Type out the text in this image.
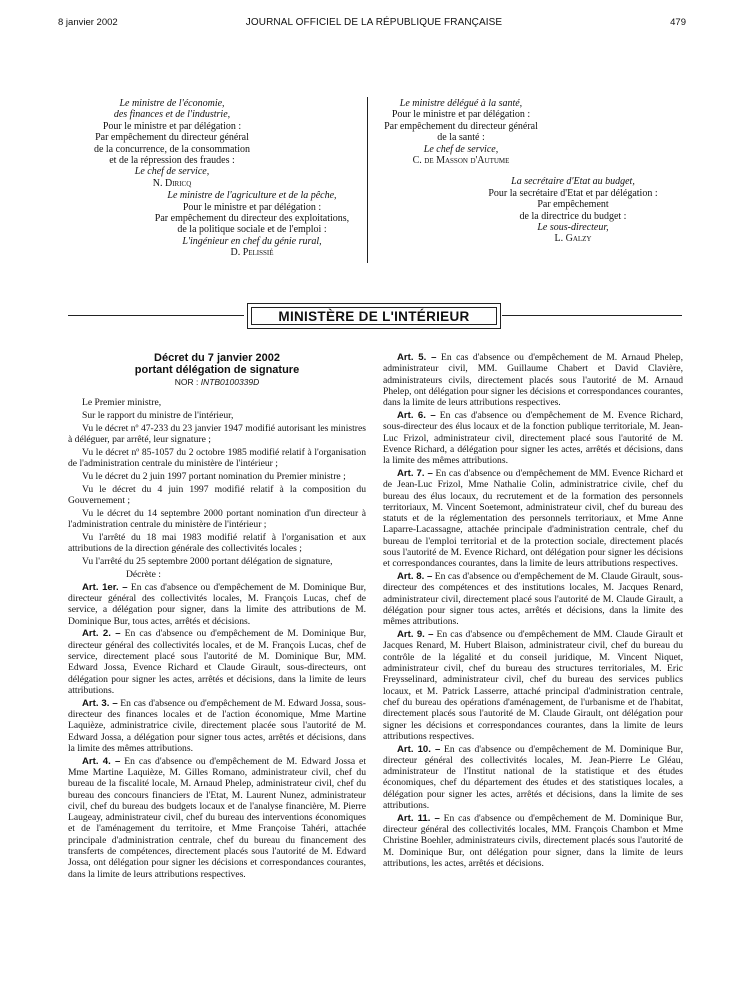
8 janvier 2002	JOURNAL OFFICIEL DE LA RÉPUBLIQUE FRANÇAISE	479
Le ministre de l'économie,
des finances et de l'industrie,
Pour le ministre et par délégation :
Par empêchement du directeur général
de la concurrence, de la consommation
et de la répression des fraudes :
Le chef de service,
N. Diricq
Le ministre de l'agriculture et de la pêche,
Pour le ministre et par délégation :
Par empêchement du directeur des exploitations,
de la politique sociale et de l'emploi :
L'ingénieur en chef du génie rural,
D. Pelissié
Le ministre délégué à la santé,
Pour le ministre et par délégation :
Par empêchement du directeur général
de la santé :
Le chef de service,
C. de Masson d'Autume
La secrétaire d'Etat au budget,
Pour la secrétaire d'Etat et par délégation :
Par empêchement
de la directrice du budget :
Le sous-directeur,
L. Galzy
MINISTÈRE DE L'INTÉRIEUR
Décret du 7 janvier 2002
portant délégation de signature
NOR : INTB0100339D

Le Premier ministre,

Sur le rapport du ministre de l'intérieur,

Vu le décret nº 47-233 du 23 janvier 1947 modifié autorisant les ministres à déléguer, par arrêté, leur signature ;

Vu le décret nº 85-1057 du 2 octobre 1985 modifié relatif à l'organisation de l'administration centrale du ministère de l'intérieur ;

Vu le décret du 2 juin 1997 portant nomination du Premier ministre ;

Vu le décret du 4 juin 1997 modifié relatif à la composition du Gouvernement ;

Vu le décret du 14 septembre 2000 portant nomination d'un directeur à l'administration centrale du ministère de l'intérieur ;

Vu l'arrêté du 18 mai 1983 modifié relatif à l'organisation et aux attributions de la direction générale des collectivités locales ;

Vu l'arrêté du 25 septembre 2000 portant délégation de signature,

Décrète :

Art. 1er. – En cas d'absence ou d'empêchement de M. Dominique Bur, directeur général des collectivités locales, M. François Lucas, chef de service, a délégation pour signer, dans la limite des attributions de M. Dominique Bur, tous actes, arrêtés et décisions.

Art. 2. – En cas d'absence ou d'empêchement de M. Dominique Bur, directeur général des collectivités locales, et de M. François Lucas, chef de service, directement placé sous l'autorité de M. Dominique Bur, MM. Edward Jossa, Evence Richard et Claude Girault, sous-directeurs, ont délégation pour signer les actes, arrêtés et décisions, dans la limite de leurs attributions.

Art. 3. – En cas d'absence ou d'empêchement de M. Edward Jossa, sous-directeur des finances locales et de l'action économique, Mme Martine Laquièze, administratrice civile, directement placée sous l'autorité de M. Edward Jossa, a délégation pour signer tous actes, arrêtés et décisions, dans la limite des mêmes attributions.

Art. 4. – En cas d'absence ou d'empêchement de M. Edward Jossa et Mme Martine Laquièze, M. Gilles Romano, administrateur civil, chef du bureau de la fiscalité locale, M. Arnaud Phelep, administrateur civil, chef du bureau des concours financiers de l'Etat, M. Laurent Nunez, administrateur civil, chef du bureau des budgets locaux et de l'analyse financière, M. Pierre Laugeay, administrateur civil, chef du bureau des interventions économiques et de l'aménagement du territoire, et Mme Françoise Tahéri, attachée principale d'administration centrale, chef du bureau du financement des transferts de compétences, directement placés sous l'autorité de M. Edward Jossa, ont délégation pour signer les décisions et correspondances courantes, dans la limite de leurs attributions respectives.

Art. 5. – En cas d'absence ou d'empêchement de M. Arnaud Phelep, administrateur civil, MM. Guillaume Chabert et David Clavière, administrateurs civils, directement placés sous l'autorité de M. Arnaud Phelep, ont délégation pour signer les décisions et correspondances courantes, dans la limite de leurs attributions respectives.

Art. 6. – En cas d'absence ou d'empêchement de M. Evence Richard, sous-directeur des élus locaux et de la fonction publique territoriale, M. Jean-Luc Frizol, administrateur civil, directement placé sous l'autorité de M. Evence Richard, a délégation pour signer les actes, arrêtés et décisions, dans la limite des mêmes attributions.

Art. 7. – En cas d'absence ou d'empêchement de MM. Evence Richard et de Jean-Luc Frizol, Mme Nathalie Colin, administratrice civile, chef du bureau des élus locaux, du recrutement et de la formation des personnels territoriaux, M. Vincent Soetemont, administrateur civil, chef du bureau des statuts et de la réglementation des personnels territoriaux, et Mme Anne Laparre-Lacassagne, attachée principale d'administration centrale, chef du bureau de l'emploi territorial et de la protection sociale, directement placés sous l'autorité de M. Evence Richard, ont délégation pour signer les décisions et correspondances courantes, dans la limite de leurs attributions respectives.

Art. 8. – En cas d'absence ou d'empêchement de M. Claude Girault, sous-directeur des compétences et des institutions locales, M. Jacques Renard, administrateur civil, directement placé sous l'autorité de M. Claude Girault, a délégation pour signer tous actes, arrêtés et décisions, dans la limite des mêmes attributions.

Art. 9. – En cas d'absence ou d'empêchement de MM. Claude Girault et Jacques Renard, M. Hubert Blaison, administrateur civil, chef du bureau du contrôle de la légalité et du conseil juridique, M. Vincent Niquet, administrateur civil, chef du bureau des structures territoriales, M. Eric Freysselinard, administrateur civil, chef du bureau des services publics locaux, et M. Patrick Lasserre, attaché principal d'administration centrale, chef du bureau des opérations d'aménagement, de l'urbanisme et de l'habitat, directement placés sous l'autorité de M. Claude Girault, ont délégation pour signer les décisions et correspondances courantes, dans la limite de leurs attributions respectives.

Art. 10. – En cas d'absence ou d'empêchement de M. Dominique Bur, directeur général des collectivités locales, M. Jean-Pierre Le Gléau, administrateur de l'Institut national de la statistique et des études économiques, chef du département des études et des statistiques locales, a délégation pour signer les actes, arrêtés et décisions, dans la limite de ses attributions.

Art. 11. – En cas d'absence ou d'empêchement de M. Dominique Bur, directeur général des collectivités locales, MM. François Chambon et Mme Christine Boehler, administrateurs civils, directement placés sous l'autorité de M. Dominique Bur, ont délégation pour signer, dans la limite de leurs attributions, les actes, arrêtés et décisions.
